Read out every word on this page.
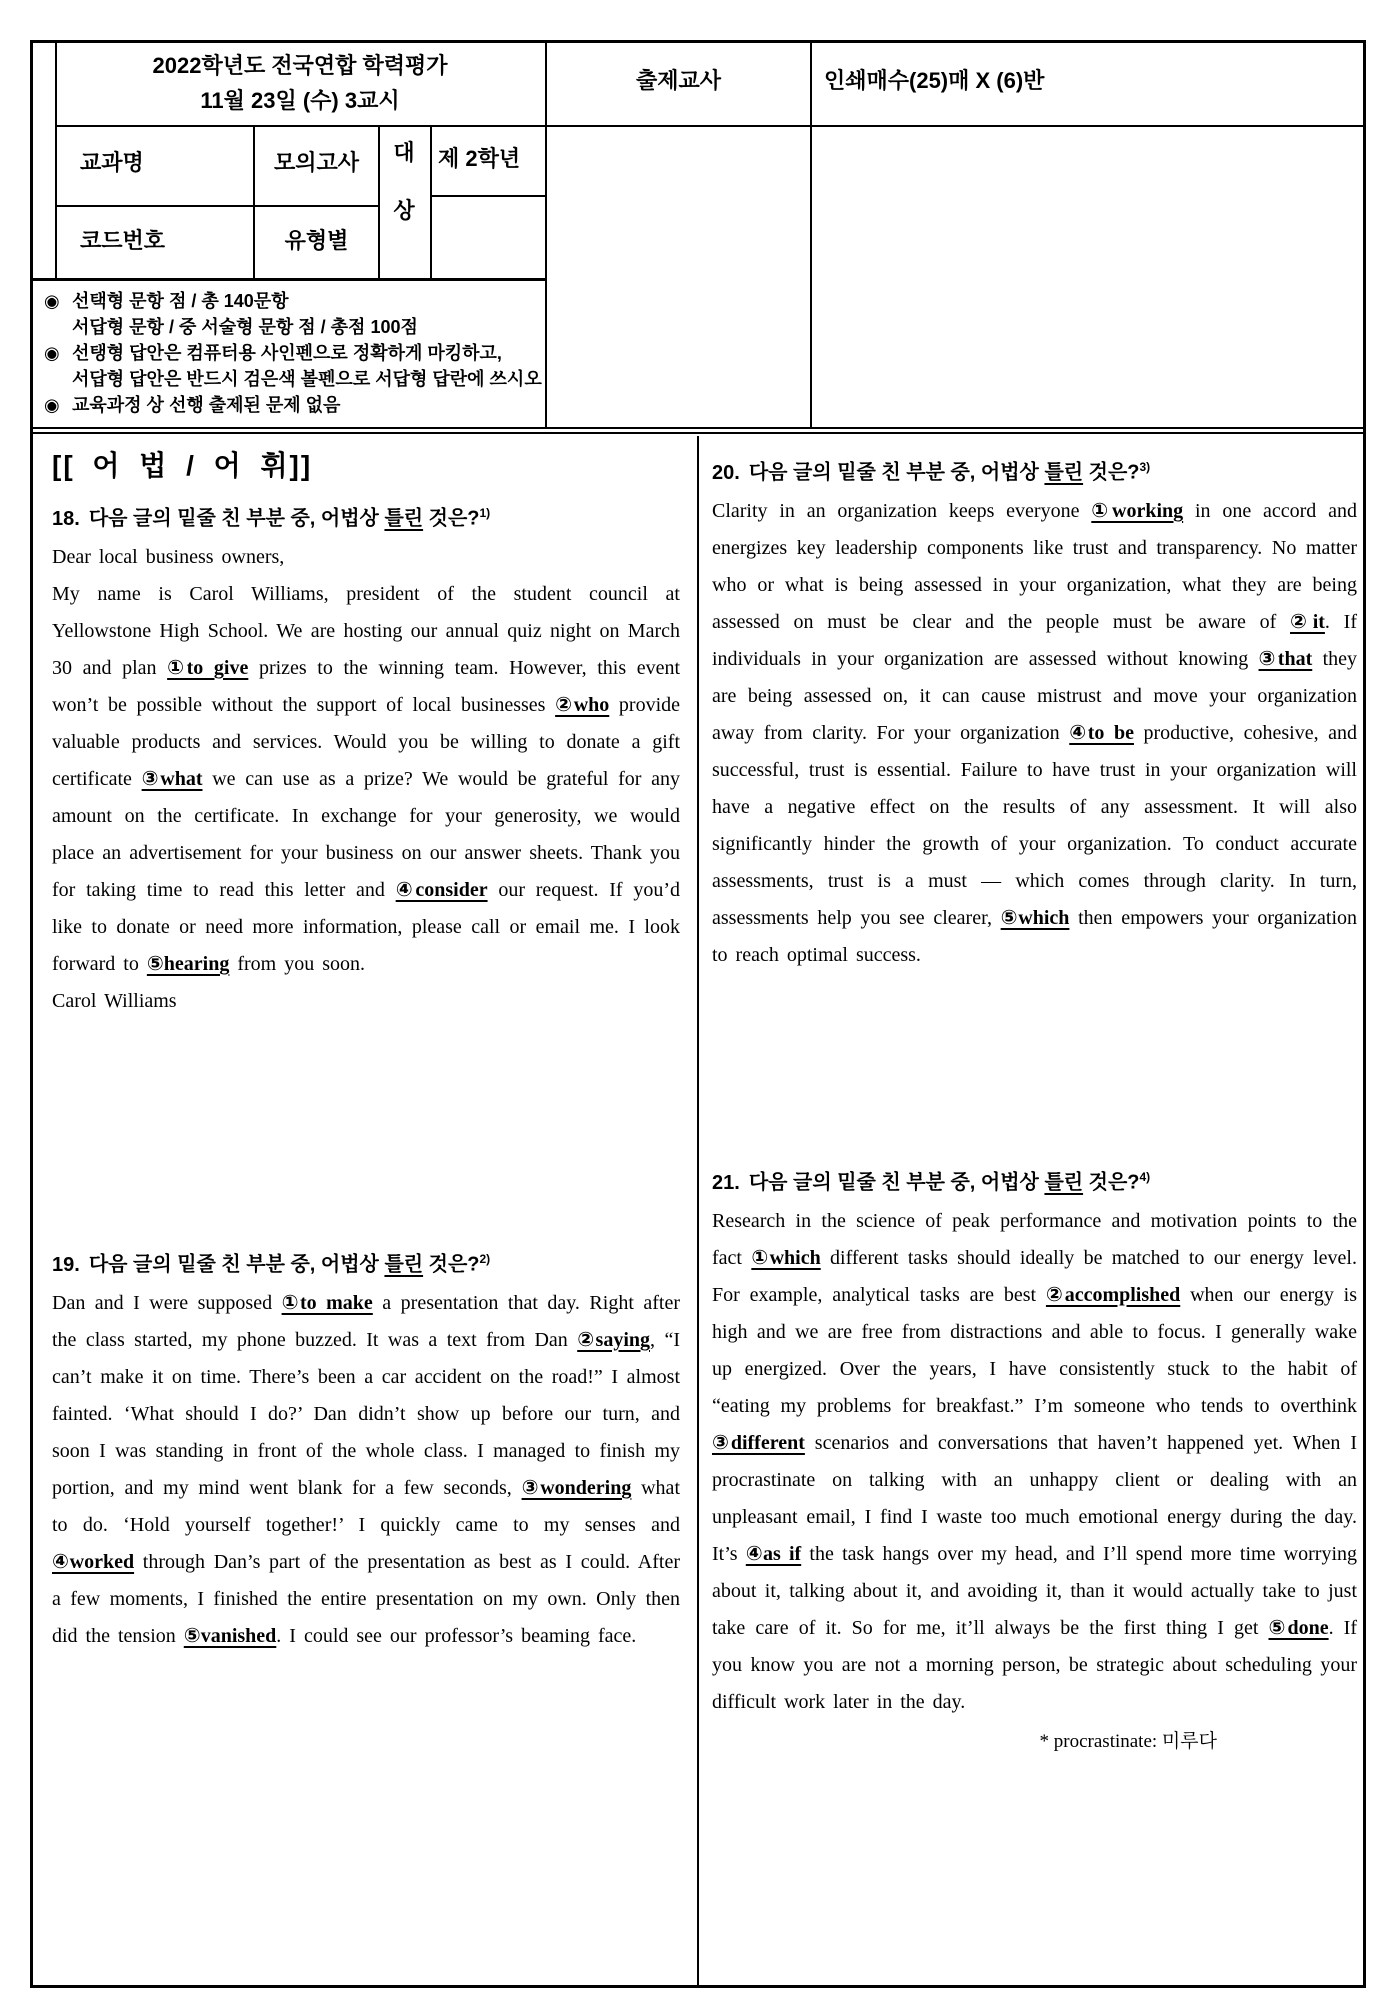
2022학년도 전국연합 학력평가
11월 23일 (수) 3교시
교과명	모의고사
코드번호	유형별
대
상
제 2학년
출제교사	인쇄매수(25)매 X (6)반
◉ 선택형 문항 점 / 총 140문항
서답형 문항 / 중 서술형 문항 점 / 총점 100점
◉ 선탱형 답안은 컴퓨터용 사인펜으로 정확하게 마킹하고,
서답형 답안은 반드시 검은색 볼펜으로 서답형 답란에 쓰시오
◉ 교육과정 상 선행 출제된 문제 없음
[[ 어 법 / 어 휘]]
18. 다음 글의 밑줄 친 부분 중, 어법상 틀린 것은?$^{1)}$
Dear local business owners,
My name is Carol Williams, president of the student council at Yellowstone High School. We are hosting our annual quiz night on March 30 and plan ①to give prizes to the winning team. However, this event won’t be possible without the support of local businesses ②who provide valuable products and services. Would you be willing to donate a gift certificate ③what we can use as a prize? We would be grateful for any amount on the certificate. In exchange for your generosity, we would place an advertisement for your business on our answer sheets. Thank you for taking time to read this letter and ④consider our request. If you’d like to donate or need more information, please call or email me. I look forward to ⑤hearing from you soon.
Carol Williams
19. 다음 글의 밑줄 친 부분 중, 어법상 틀린 것은?$^{2)}$
Dan and I were supposed ①to make a presentation that day. Right after the class started, my phone buzzed. It was a text from Dan ②saying, “I can’t make it on time. There’s been a car accident on the road!” I almost fainted. ‘What should I do?’ Dan didn’t show up before our turn, and soon I was standing in front of the whole class. I managed to finish my portion, and my mind went blank for a few seconds, ③wondering what to do. ‘Hold yourself together!’ I quickly came to my senses and ④worked through Dan’s part of the presentation as best as I could. After a few moments, I finished the entire presentation on my own. Only then did the tension ⑤vanished. I could see our professor’s beaming face.
20. 다음 글의 밑줄 친 부분 중, 어법상 틀린 것은?$^{3)}$
Clarity in an organization keeps everyone ①working in one accord and energizes key leadership components like trust and transparency. No matter who or what is being assessed in your organization, what they are being assessed on must be clear and the people must be aware of ②it. If individuals in your organization are assessed without knowing ③that they are being assessed on, it can cause mistrust and move your organization away from clarity. For your organization ④to be productive, cohesive, and successful, trust is essential. Failure to have trust in your organization will have a negative effect on the results of any assessment. It will also significantly hinder the growth of your organization. To conduct accurate assessments, trust is a must — which comes through clarity. In turn, assessments help you see clearer, ⑤which then empowers your organization to reach optimal success.
21. 다음 글의 밑줄 친 부분 중, 어법상 틀린 것은?$^{4)}$
Research in the science of peak performance and motivation points to the fact ①which different tasks should ideally be matched to our energy level. For example, analytical tasks are best ②accomplished when our energy is high and we are free from distractions and able to focus. I generally wake up energized. Over the years, I have consistently stuck to the habit of “eating my problems for breakfast.” I’m someone who tends to overthink ③different scenarios and conversations that haven’t happened yet. When I procrastinate on talking with an unhappy client or dealing with an unpleasant email, I find I waste too much emotional energy during the day. It’s ④as if the task hangs over my head, and I’ll spend more time worrying about it, talking about it, and avoiding it, than it would actually take to just take care of it. So for me, it’ll always be the first thing I get ⑤done. If you know you are not a morning person, be strategic about scheduling your difficult work later in the day.
* procrastinate: 미루다
